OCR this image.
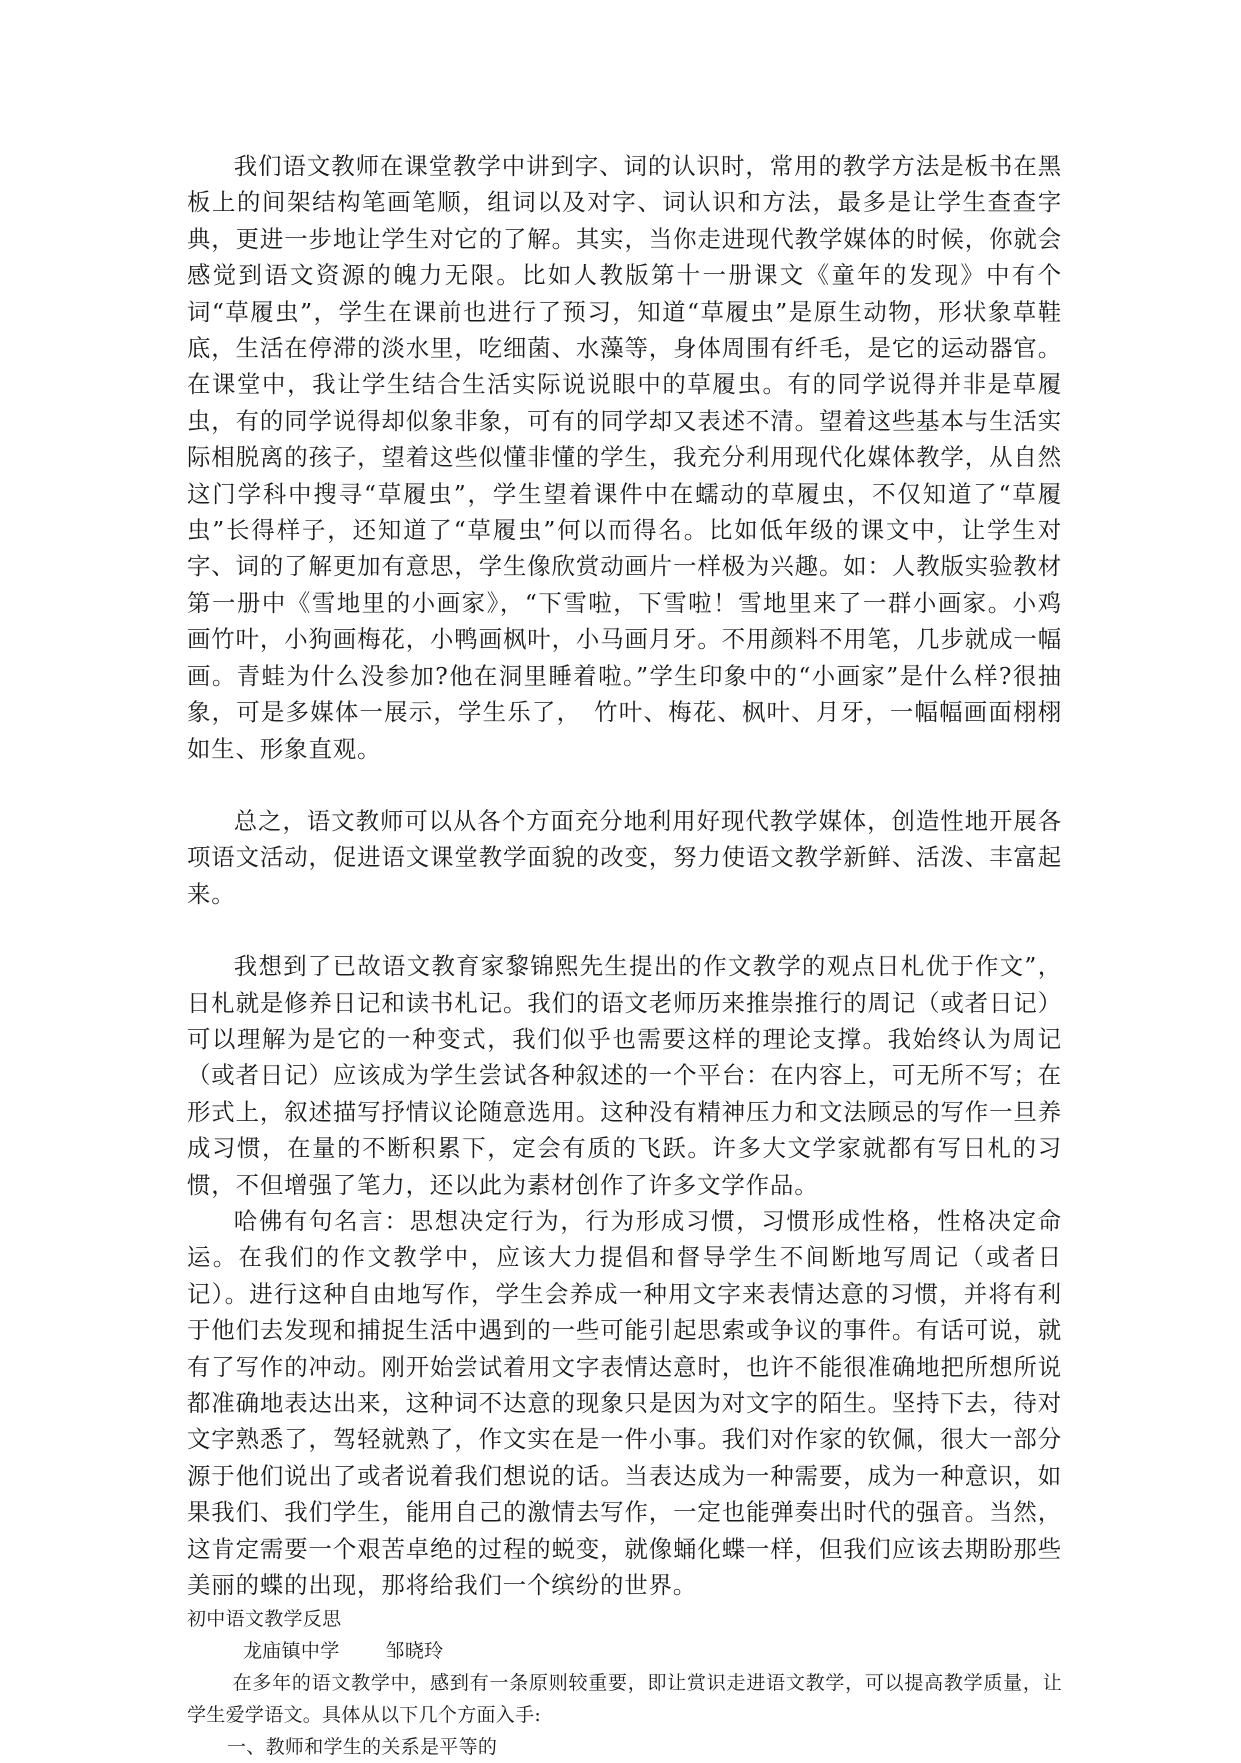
我们语文教师在课堂教学中讲到字、词的认识时，常用的教学方法是板书在黑板上的间架结构笔画笔顺，组词以及对字、词认识和方法，最多是让学生查查字典，更进一步地让学生对它的了解。其实，当你走进现代教学媒体的时候，你就会感觉到语文资源的魄力无限。比如人教版第十一册课文《童年的发现》中有个词“草履虫”，学生在课前也进行了预习，知道“草履虫”是原生动物，形状象草鞋底，生活在停滞的淡水里，吃细菌、水藻等，身体周围有纤毛，是它的运动器官。在课堂中，我让学生结合生活实际说说眼中的草履虫。有的同学说得并非是草履虫，有的同学说得却似象非象，可有的同学却又表述不清。望着这些基本与生活实际相脱离的孩子，望着这些似懂非懂的学生，我充分利用现代化媒体教学，从自然这门学科中搜寻“草履虫”，学生望着课件中在蠕动的草履虫，不仅知道了“草履虫”长得样子，还知道了“草履虫”何以而得名。比如低年级的课文中，让学生对字、词的了解更加有意思，学生像欣赏动画片一样极为兴趣。如：人教版实验教材第一册中《雪地里的小画家》，“下雪啦，下雪啦！雪地里来了一群小画家。小鸡画竹叶，小狗画梅花，小鸭画枫叶，小马画月牙。不用颜料不用笔，几步就成一幅画。青蛙为什么没参加?他在洞里睡着啦。”学生印象中的“小画家”是什么样?很抽象，可是多媒体一展示，学生乐了，　竹叶、梅花、枫叶、月牙，一幅幅画面栩栩如生、形象直观。

总之，语文教师可以从各个方面充分地利用好现代教学媒体，创造性地开展各项语文活动，促进语文课堂教学面貌的改变，努力使语文教学新鲜、活泼、丰富起来。

我想到了已故语文教育家黎锦熙先生提出的作文教学的观点日札优于作文”，日札就是修养日记和读书札记。我们的语文老师历来推崇推行的周记（或者日记）可以理解为是它的一种变式，我们似乎也需要这样的理论支撑。我始终认为周记（或者日记）应该成为学生尝试各种叙述的一个平台：在内容上，可无所不写；在形式上，叙述描写抒情议论随意选用。这种没有精神压力和文法顾忌的写作一旦养成习惯，在量的不断积累下，定会有质的飞跃。许多大文学家就都有写日札的习惯，不但增强了笔力，还以此为素材创作了许多文学作品。

哈佛有句名言：思想决定行为，行为形成习惯，习惯形成性格，性格决定命运。在我们的作文教学中，应该大力提倡和督导学生不间断地写周记（或者日记）。进行这种自由地写作，学生会养成一种用文字来表情达意的习惯，并将有利于他们去发现和捕捉生活中遇到的一些可能引起思索或争议的事件。有话可说，就有了写作的冲动。刚开始尝试着用文字表情达意时，也许不能很准确地把所想所说都准确地表达出来，这种词不达意的现象只是因为对文字的陌生。坚持下去，待对文字熟悉了，驾轻就熟了，作文实在是一件小事。我们对作家的钦佩，很大一部分源于他们说出了或者说着我们想说的话。当表达成为一种需要，成为一种意识，如果我们、我们学生，能用自己的激情去写作，一定也能弹奏出时代的强音。当然，这肯定需要一个艰苦卓绝的过程的蜕变，就像蛹化蝶一样，但我们应该去期盼那些美丽的蝶的出现，那将给我们一个缤纷的世界。

初中语文教学反思

龙庙镇中学 邹晓玲

在多年的语文教学中，感到有一条原则较重要，即让赏识走进语文教学，可以提高教学质量，让学生爱学语文。具体从以下几个方面入手:

一、教师和学生的关系是平等的
